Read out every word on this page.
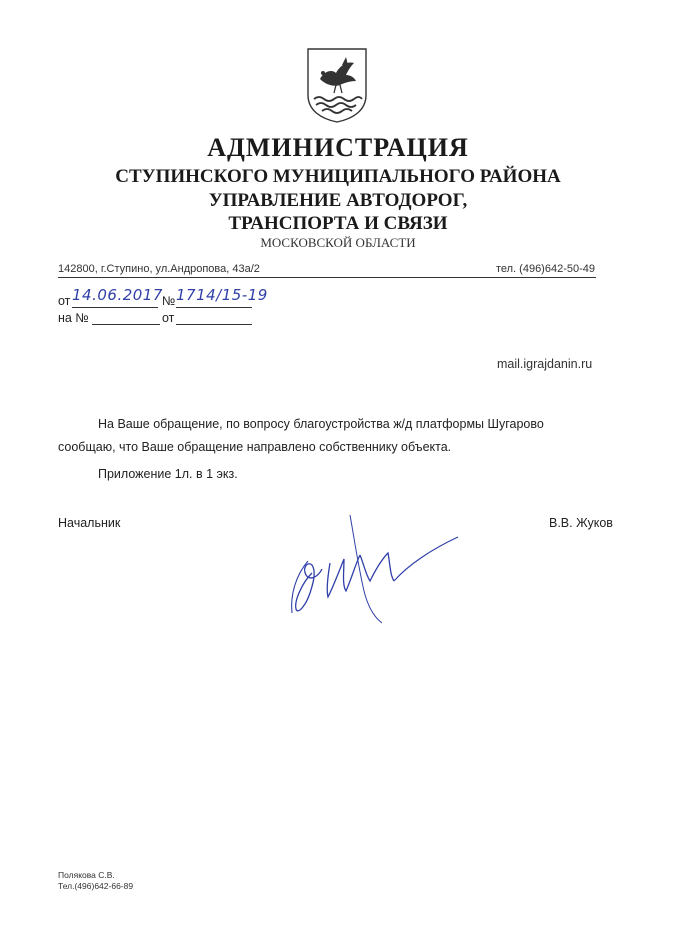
АДМИНИСТРАЦИЯ
СТУПИНСКОГО МУНИЦИПАЛЬНОГО РАЙОНА
УПРАВЛЕНИЕ АВТОДОРОГ,
ТРАНСПОРТА И СВЯЗИ
МОСКОВСКОЙ ОБЛАСТИ
142800, г.Ступино, ул.Андропова, 43а/2	тел. (496)642-50-49
от 14.06.2017 № 1714/15-19
на №	от
mail.igrajdanin.ru
На Ваше обращение, по вопросу благоустройства ж/д платформы Шугарово
сообщаю, что Ваше обращение направлено собственнику объекта.
Приложение 1л. в 1 экз.
Начальник	В.В. Жуков
Полякова С.В.
Тел.(496)642-66-89
